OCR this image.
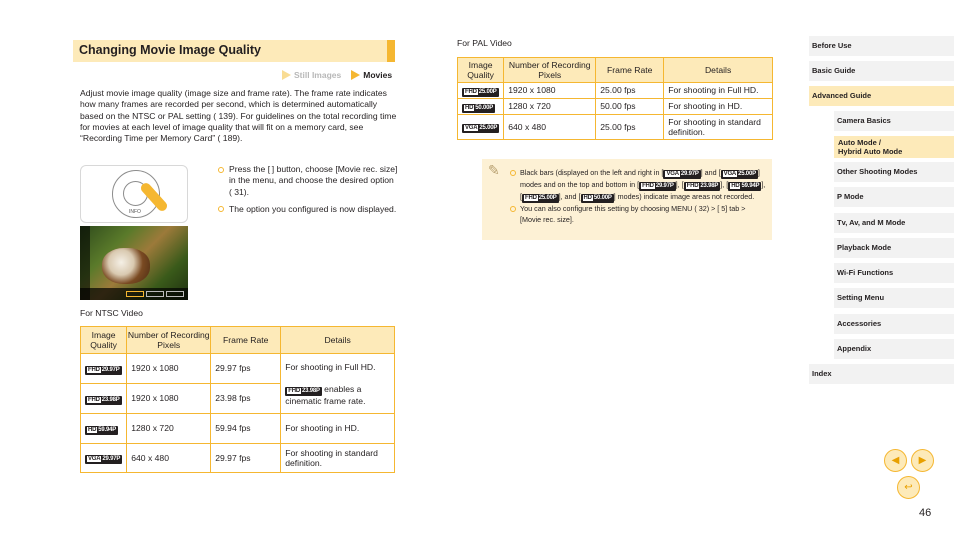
Changing Movie Image Quality
Still Images	Movies

Adjust movie image quality (image size and frame rate). The frame rate indicates how many frames are recorded per second, which is determined automatically based on the NTSC or PAL setting ( 139). For guidelines on the total recording time for movies at each level of image quality that will fit on a memory card, see “Recording Time per Memory Card” ( 189).

INFO
Press the [ ] button, choose [Movie rec. size] in the menu, and choose the desired option ( 31).
The option you configured is now displayed.
For NTSC Video
Image Quality	Number of Recording Pixels	Frame Rate	Details
FHD 29.97P	1920 x 1080	29.97 fps	For shooting in Full HD.
FHD 23.98P	1920 x 1080	23.98 fps	FHD 23.98P enables a cinematic frame rate.
HD 59.94P	1280 x 720	59.94 fps	For shooting in HD.
VGA 29.97P	640 x 480	29.97 fps	For shooting in standard definition.
For PAL Video
Image Quality	Number of Recording Pixels	Frame Rate	Details
FHD 25.00P	1920 x 1080	25.00 fps	For shooting in Full HD.
HD 50.00P	1280 x 720	50.00 fps	For shooting in HD.
VGA 25.00P	640 x 480	25.00 fps	For shooting in standard definition.
✎	Black bars (displayed on the left and right in [ VGA 29.97P ] and [ VGA 25.00P ] modes and on the top and bottom in [ FHD 29.97P ], [ FHD 23.98P ], [ HD 59.94P ], [ FHD 25.00P ], and [ HD 50.00P ] modes) indicate image areas not recorded.
You can also configure this setting by choosing MENU ( 32) > [ 5] tab > [Movie rec. size].
Before Use
Basic Guide
Advanced Guide
Camera Basics
Auto Mode /
Hybrid Auto Mode
Other Shooting Modes
P Mode
Tv, Av, and M Mode
Playback Mode
Wi-Fi Functions
Setting Menu
Accessories
Appendix
Index
◀ ▶
↩
46
